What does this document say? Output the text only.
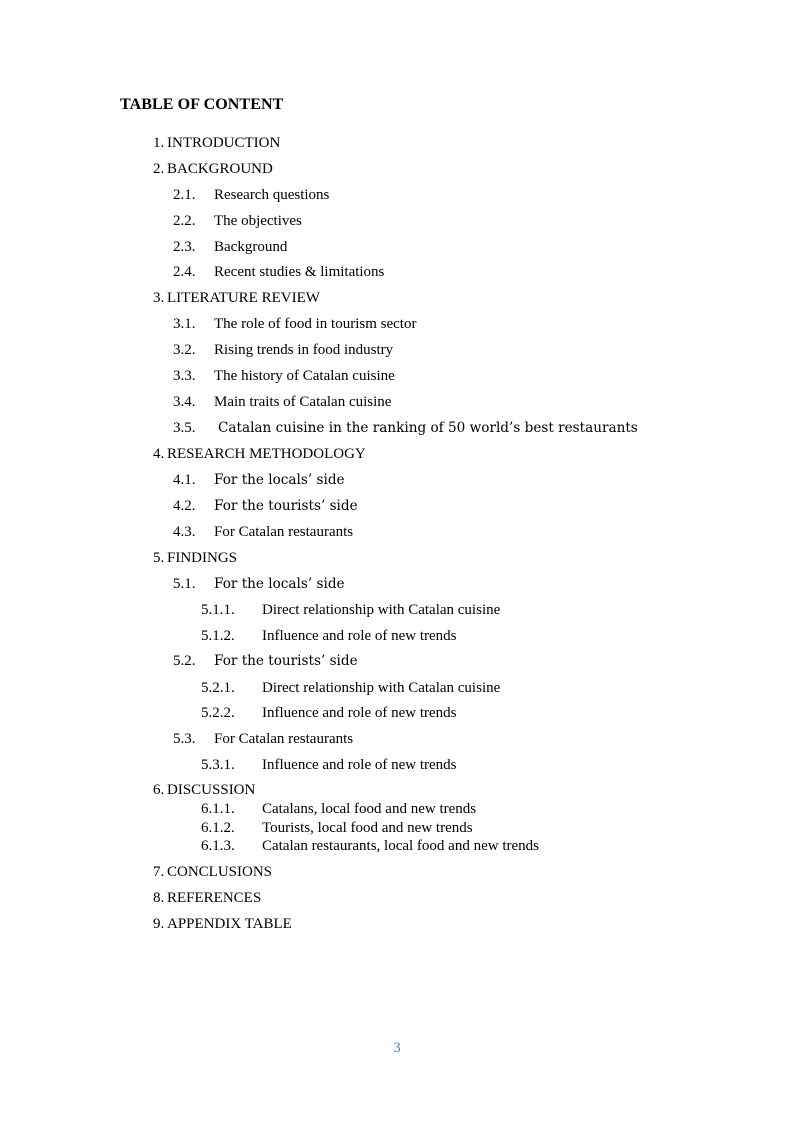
TABLE OF CONTENT
1. INTRODUCTION
2. BACKGROUND
2.1. Research questions
2.2. The objectives
2.3. Background
2.4. Recent studies & limitations
3. LITERATURE REVIEW
3.1. The role of food in tourism sector
3.2. Rising trends in food industry
3.3. The history of Catalan cuisine
3.4. Main traits of Catalan cuisine
3.5. Catalan cuisine in the ranking of 50 world’s best restaurants
4. RESEARCH METHODOLOGY
4.1. For the locals’ side
4.2. For the tourists’ side
4.3. For Catalan restaurants
5. FINDINGS
5.1. For the locals’ side
5.1.1. Direct relationship with Catalan cuisine
5.1.2. Influence and role of new trends
5.2. For the tourists’ side
5.2.1. Direct relationship with Catalan cuisine
5.2.2. Influence and role of new trends
5.3. For Catalan restaurants
5.3.1. Influence and role of new trends
6. DISCUSSION
6.1.1. Catalans, local food and new trends
6.1.2. Tourists, local food and new trends
6.1.3. Catalan restaurants, local food and new trends
7. CONCLUSIONS
8. REFERENCES
9. APPENDIX TABLE
3
